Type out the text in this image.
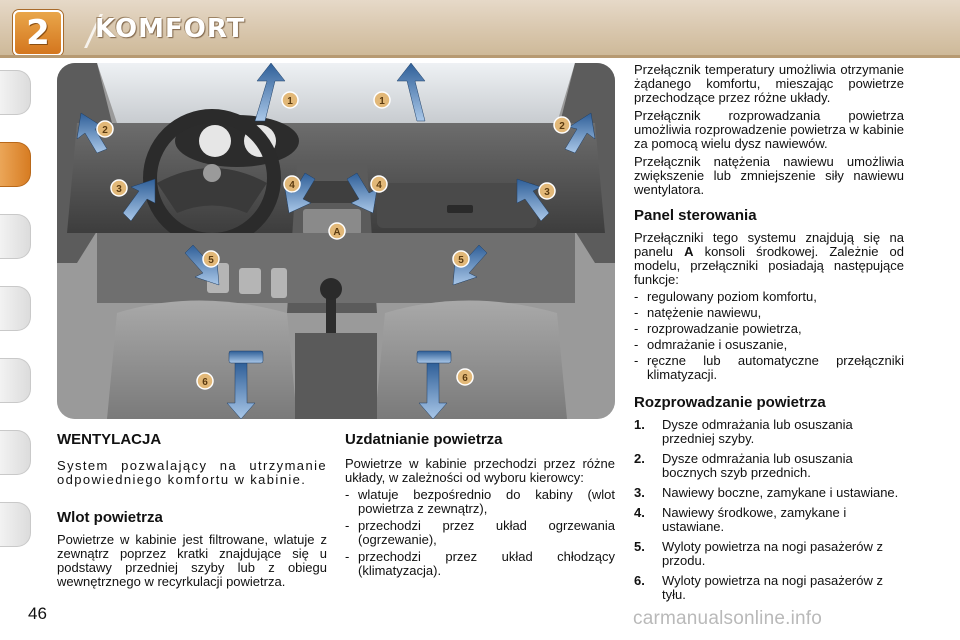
2	KOMFORT
1	1
2	2
3	3
4	4
A
5	5
6	6

WENTYLACJA

System pozwalający na utrzymanie odpowiedniego komfortu w kabinie.

Wlot powietrza

Powietrze w kabinie jest filtrowane, wlatuje z zewnątrz poprzez kratki znajdujące się u podstawy przedniej szyby lub z obiegu wewnętrznego w recyrkulacji powietrza.

Uzdatnianie powietrza

Powietrze w kabinie przechodzi przez różne układy, w zależności od wyboru kierowcy:

- wlatuje bezpośrednio do kabiny (wlot powietrza z zewnątrz),

- przechodzi przez układ ogrzewania (ogrzewanie),

- przechodzi przez układ chłodzący (klimatyzacja).

Przełącznik temperatury umożliwia otrzymanie żądanego komfortu, mieszając powietrze przechodzące przez różne układy.

Przełącznik rozprowadzania powietrza umożliwia rozprowadzenie powietrza w kabinie za pomocą wielu dysz nawiewów.

Przełącznik natężenia nawiewu umożliwia zwiększenie lub zmniejszenie siły nawiewu wentylatora.

Panel sterowania

Przełączniki tego systemu znajdują się na panelu A konsoli środkowej. Zależnie od modelu, przełączniki posiadają następujące funkcje:

- regulowany poziom komfortu,

- natężenie nawiewu,

- rozprowadzanie powietrza,

- odmrażanie i osuszanie,

- ręczne lub automatyczne przełączniki klimatyzacji.

Rozprowadzanie powietrza

1. Dysze odmrażania lub osuszania przedniej szyby.

2. Dysze odmrażania lub osuszania bocznych szyb przednich.

3. Nawiewy boczne, zamykane i ustawiane.

4. Nawiewy środkowe, zamykane i ustawiane.

5. Wyloty powietrza na nogi pasażerów z przodu.

6. Wyloty powietrza na nogi pasażerów z tyłu.

46	carmanualsonline.info
